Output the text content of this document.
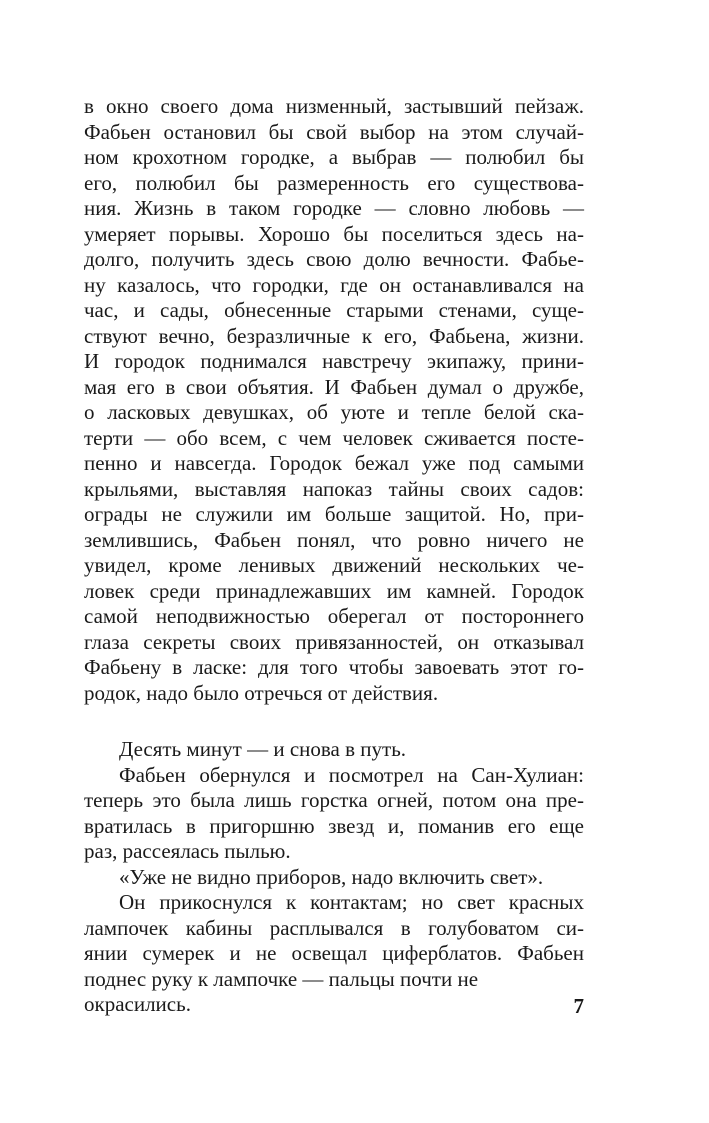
в окно своего дома низменный, застывший пейзаж.
Фабьен остановил бы свой выбор на этом случай-
ном крохотном городке, а выбрав — полюбил бы
его, полюбил бы размеренность его существова-
ния. Жизнь в таком городке — словно любовь —
умеряет порывы. Хорошо бы поселиться здесь на-
долго, получить здесь свою долю вечности. Фабье-
ну казалось, что городки, где он останавливался на
час, и сады, обнесенные старыми стенами, суще-
ствуют вечно, безразличные к его, Фабьена, жизни.
И городок поднимался навстречу экипажу, прини-
мая его в свои объятия. И Фабьен думал о дружбе,
о ласковых девушках, об уюте и тепле белой ска-
терти — обо всем, с чем человек сживается посте-
пенно и навсегда. Городок бежал уже под самыми
крыльями, выставляя напоказ тайны своих садов:
ограды не служили им больше защитой. Но, при-
землившись, Фабьен понял, что ровно ничего не
увидел, кроме ленивых движений нескольких че-
ловек среди принадлежавших им камней. Городок
самой неподвижностью оберегал от постороннего
глаза секреты своих привязанностей, он отказывал
Фабьену в ласке: для того чтобы завоевать этот го-
родок, надо было отречься от действия.
Десять минут — и снова в путь.
Фабьен обернулся и посмотрел на Сан-Хулиан:
теперь это была лишь горстка огней, потом она пре-
вратилась в пригоршню звезд и, поманив его еще
раз, рассеялась пылью.
«Уже не видно приборов, надо включить свет».
Он прикоснулся к контактам; но свет красных
лампочек кабины расплывался в голубоватом си-
янии сумерек и не освещал циферблатов. Фабьен
поднес руку к лампочке — пальцы почти не
окрасились.	7
